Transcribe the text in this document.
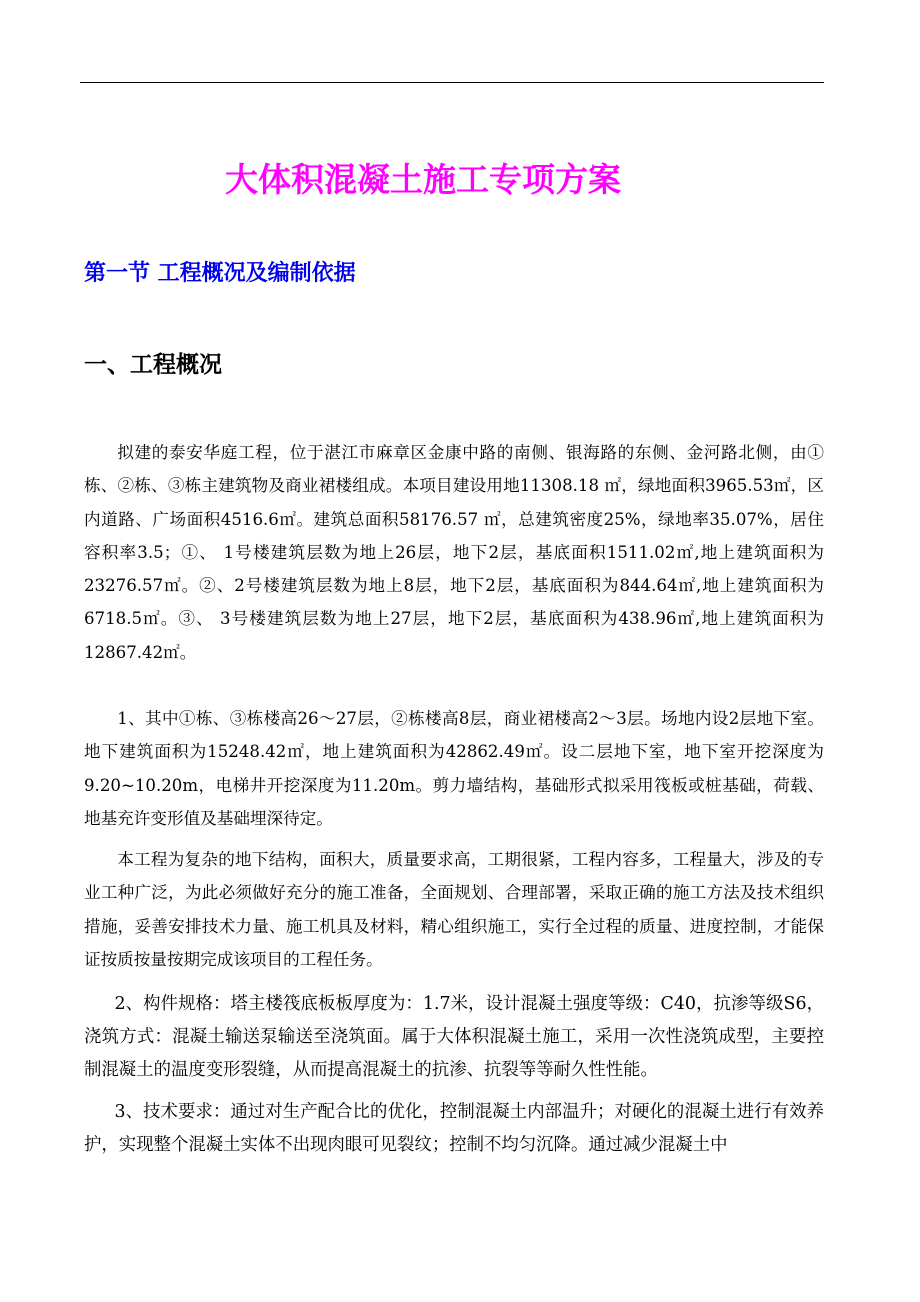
大体积混凝土施工专项方案
第一节 工程概况及编制依据
一、工程概况
拟建的泰安华庭工程，位于湛江市麻章区金康中路的南侧、银海路的东侧、金河路北侧，由①栋、②栋、③栋主建筑物及商业裙楼组成。本项目建设用地11308.18 ㎡，绿地面积3965.53㎡，区内道路、广场面积4516.6㎡。建筑总面积58176.57 ㎡，总建筑密度25%，绿地率35.07%，居住容积率3.5；①、 1号楼建筑层数为地上26层，地下2层，基底面积1511.02㎡,地上建筑面积为23276.57㎡。②、2号楼建筑层数为地上8层，地下2层，基底面积为844.64㎡,地上建筑面积为6718.5㎡。③、 3号楼建筑层数为地上27层，地下2层，基底面积为438.96㎡,地上建筑面积为12867.42㎡。
1、其中①栋、③栋楼高26～27层，②栋楼高8层，商业裙楼高2～3层。场地内设2层地下室。地下建筑面积为15248.42㎡，地上建筑面积为42862.49㎡。设二层地下室，地下室开挖深度为9.20~10.20m，电梯井开挖深度为11.20m。剪力墙结构，基础形式拟采用筏板或桩基础，荷载、地基充许变形值及基础埋深待定。
本工程为复杂的地下结构，面积大，质量要求高，工期很紧，工程内容多，工程量大，涉及的专业工种广泛，为此必须做好充分的施工准备，全面规划、合理部署，采取正确的施工方法及技术组织措施，妥善安排技术力量、施工机具及材料，精心组织施工，实行全过程的质量、进度控制，才能保证按质按量按期完成该项目的工程任务。
2、构件规格：塔主楼筏底板板厚度为：1.7米，设计混凝土强度等级：C40，抗渗等级S6，浇筑方式：混凝土输送泵输送至浇筑面。属于大体积混凝土施工，采用一次性浇筑成型，主要控制混凝土的温度变形裂缝，从而提高混凝土的抗渗、抗裂等等耐久性性能。
3、技术要求：通过对生产配合比的优化，控制混凝土内部温升；对硬化的混凝土进行有效养护，实现整个混凝土实体不出现肉眼可见裂纹；控制不均匀沉降。通过减少混凝土中
